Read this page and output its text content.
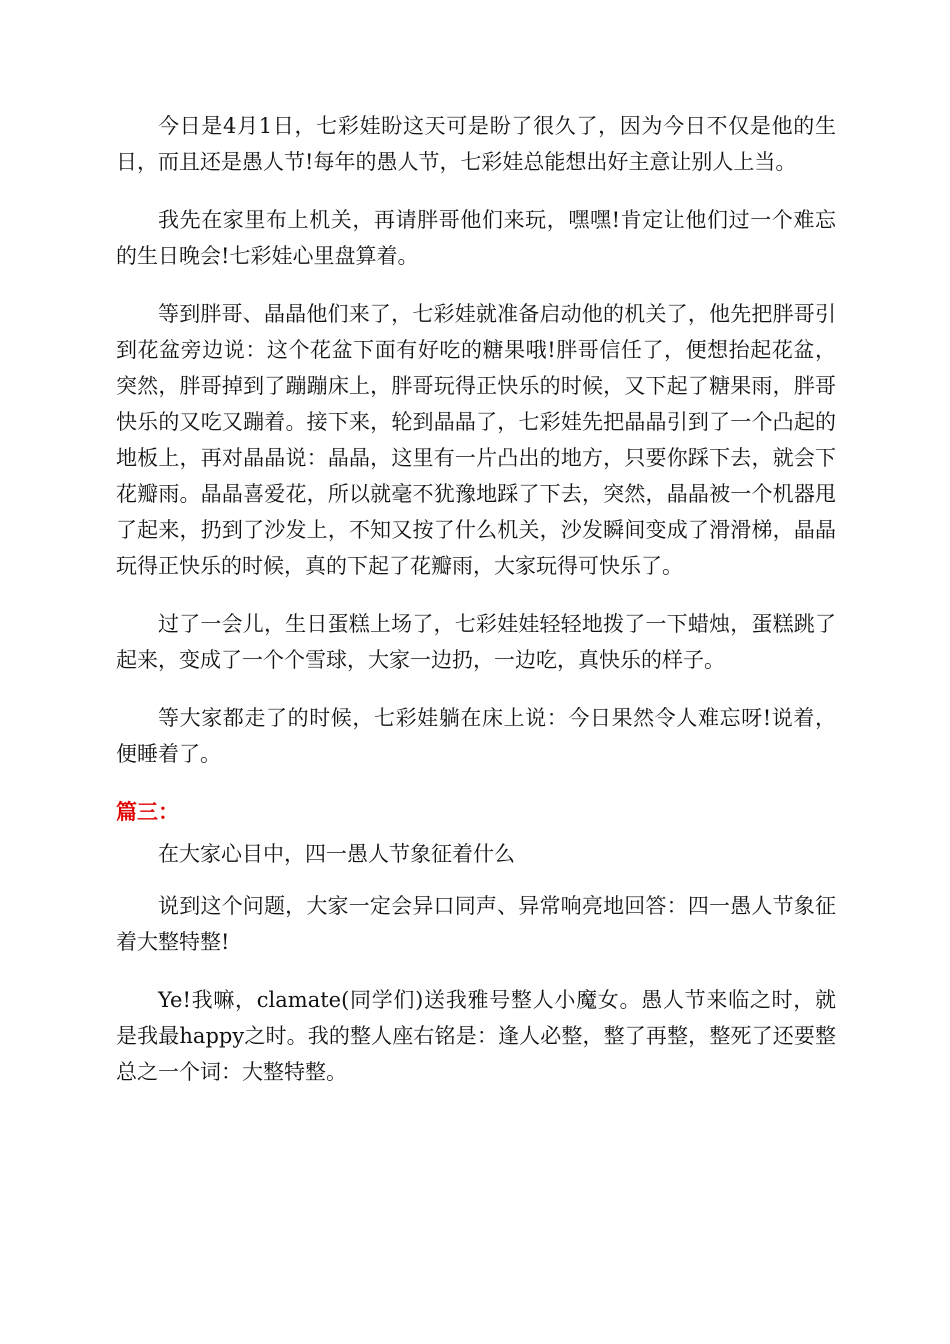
今日是4月1日，七彩娃盼这天可是盼了很久了，因为今日不仅是他的生日，而且还是愚人节!每年的愚人节，七彩娃总能想出好主意让别人上当。

我先在家里布上机关，再请胖哥他们来玩，嘿嘿!肯定让他们过一个难忘的生日晚会!七彩娃心里盘算着。

等到胖哥、晶晶他们来了，七彩娃就准备启动他的机关了，他先把胖哥引到花盆旁边说：这个花盆下面有好吃的糖果哦!胖哥信任了，便想抬起花盆，突然，胖哥掉到了蹦蹦床上，胖哥玩得正快乐的时候，又下起了糖果雨，胖哥快乐的又吃又蹦着。接下来，轮到晶晶了，七彩娃先把晶晶引到了一个凸起的地板上，再对晶晶说：晶晶，这里有一片凸出的地方，只要你踩下去，就会下花瓣雨。晶晶喜爱花，所以就毫不犹豫地踩了下去，突然，晶晶被一个机器甩了起来，扔到了沙发上，不知又按了什么机关，沙发瞬间变成了滑滑梯，晶晶玩得正快乐的时候，真的下起了花瓣雨，大家玩得可快乐了。

过了一会儿，生日蛋糕上场了，七彩娃娃轻轻地拨了一下蜡烛，蛋糕跳了起来，变成了一个个雪球，大家一边扔，一边吃，真快乐的样子。

等大家都走了的时候，七彩娃躺在床上说：今日果然令人难忘呀!说着，便睡着了。

篇三：

在大家心目中，四一愚人节象征着什么

说到这个问题，大家一定会异口同声、异常响亮地回答：四一愚人节象征着大整特整!

Ye!我嘛，clamate(同学们)送我雅号整人小魔女。愚人节来临之时，就是我最happy之时。我的整人座右铭是：逢人必整，整了再整，整死了还要整总之一个词：大整特整。
